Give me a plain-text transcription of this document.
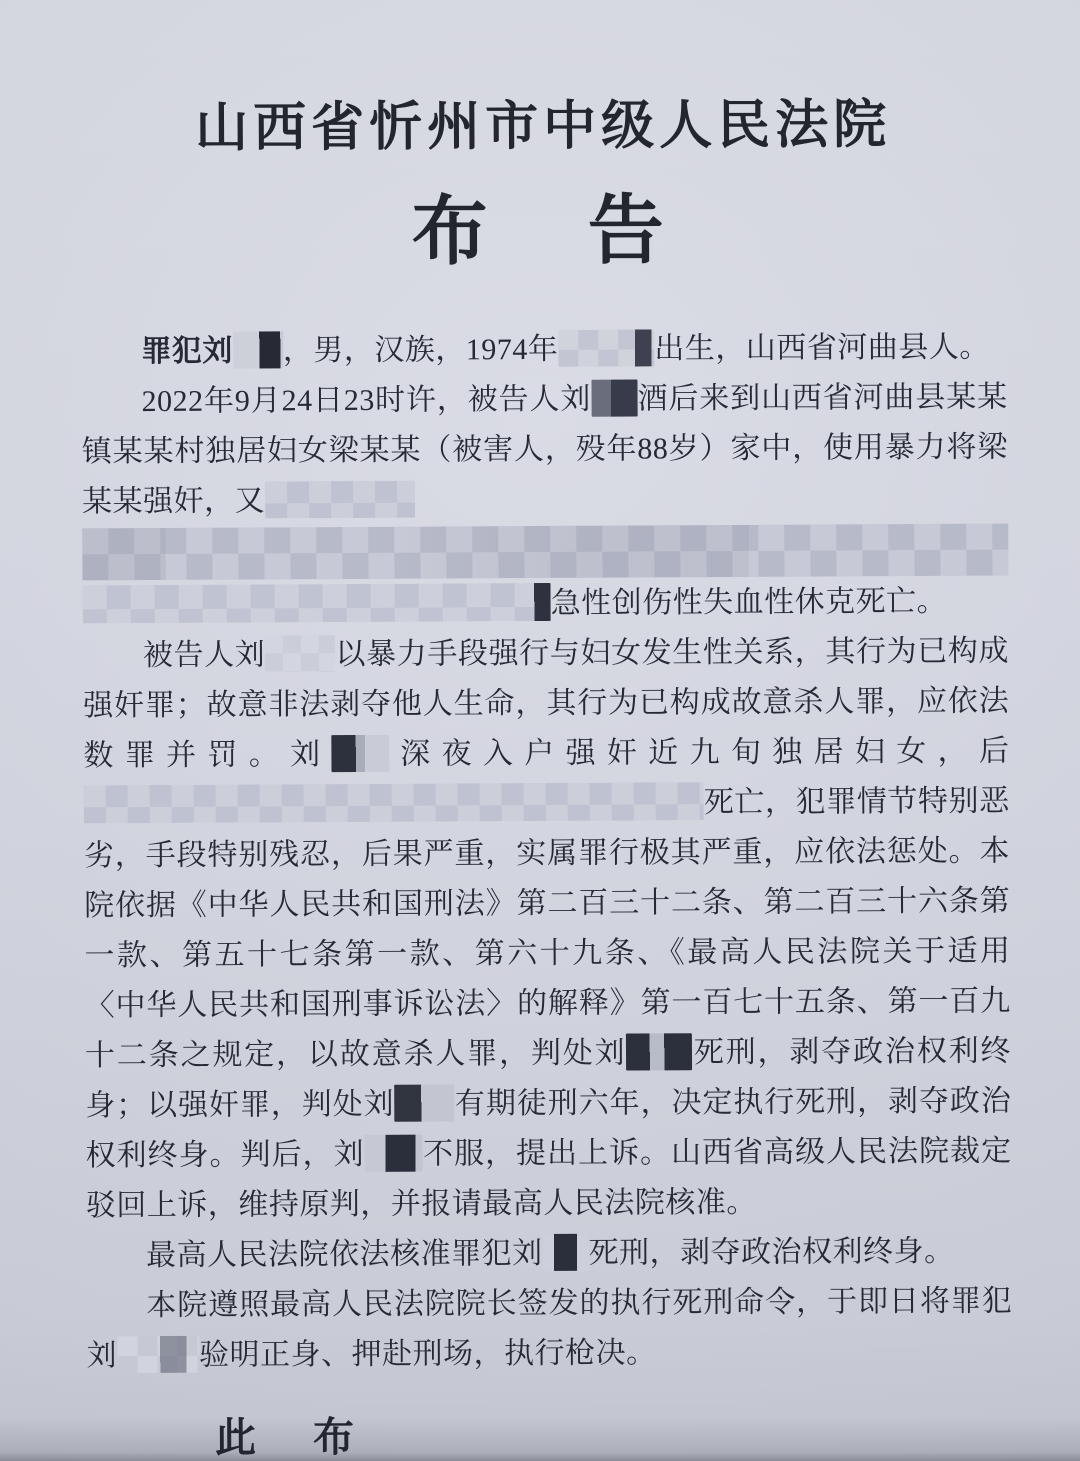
山西省忻州市中级人民法院
布　告
罪犯刘 ，男，汉族，1974年	出生，山西省河曲县人。
2022年9月24日23时许，被告人刘 酒后来到山西省河曲县某某镇某某村独居妇女梁某某（被害人，殁年88岁）家中，使用暴力将梁某某强奸，又
急性创伤性失血性休克死亡。
被告人刘 以暴力手段强行与妇女发生性关系，其行为已构成强奸罪；故意非法剥夺他人生命，其行为已构成故意杀人罪，应依法数罪并罚。刘 深夜入户强奸近九旬独居妇女，后死亡，犯罪情节特别恶劣，手段特别残忍，后果严重，实属罪行极其严重，应依法惩处。本院依据《中华人民共和国刑法》第二百三十二条、第二百三十六条第一款、第五十七条第一款、第六十九条、《最高人民法院关于适用〈中华人民共和国刑事诉讼法〉的解释》第一百七十五条、第一百九十二条之规定，以故意杀人罪，判处刘 死刑，剥夺政治权利终身；以强奸罪，判处刘 有期徒刑六年，决定执行死刑，剥夺政治权利终身。判后，刘 不服，提出上诉。山西省高级人民法院裁定驳回上诉，维持原判，并报请最高人民法院核准。
最高人民法院依法核准罪犯刘 死刑，剥夺政治权利终身。
本院遵照最高人民法院院长签发的执行死刑命令，于即日将罪犯刘	验明正身、押赴刑场，执行枪决。
此　布
